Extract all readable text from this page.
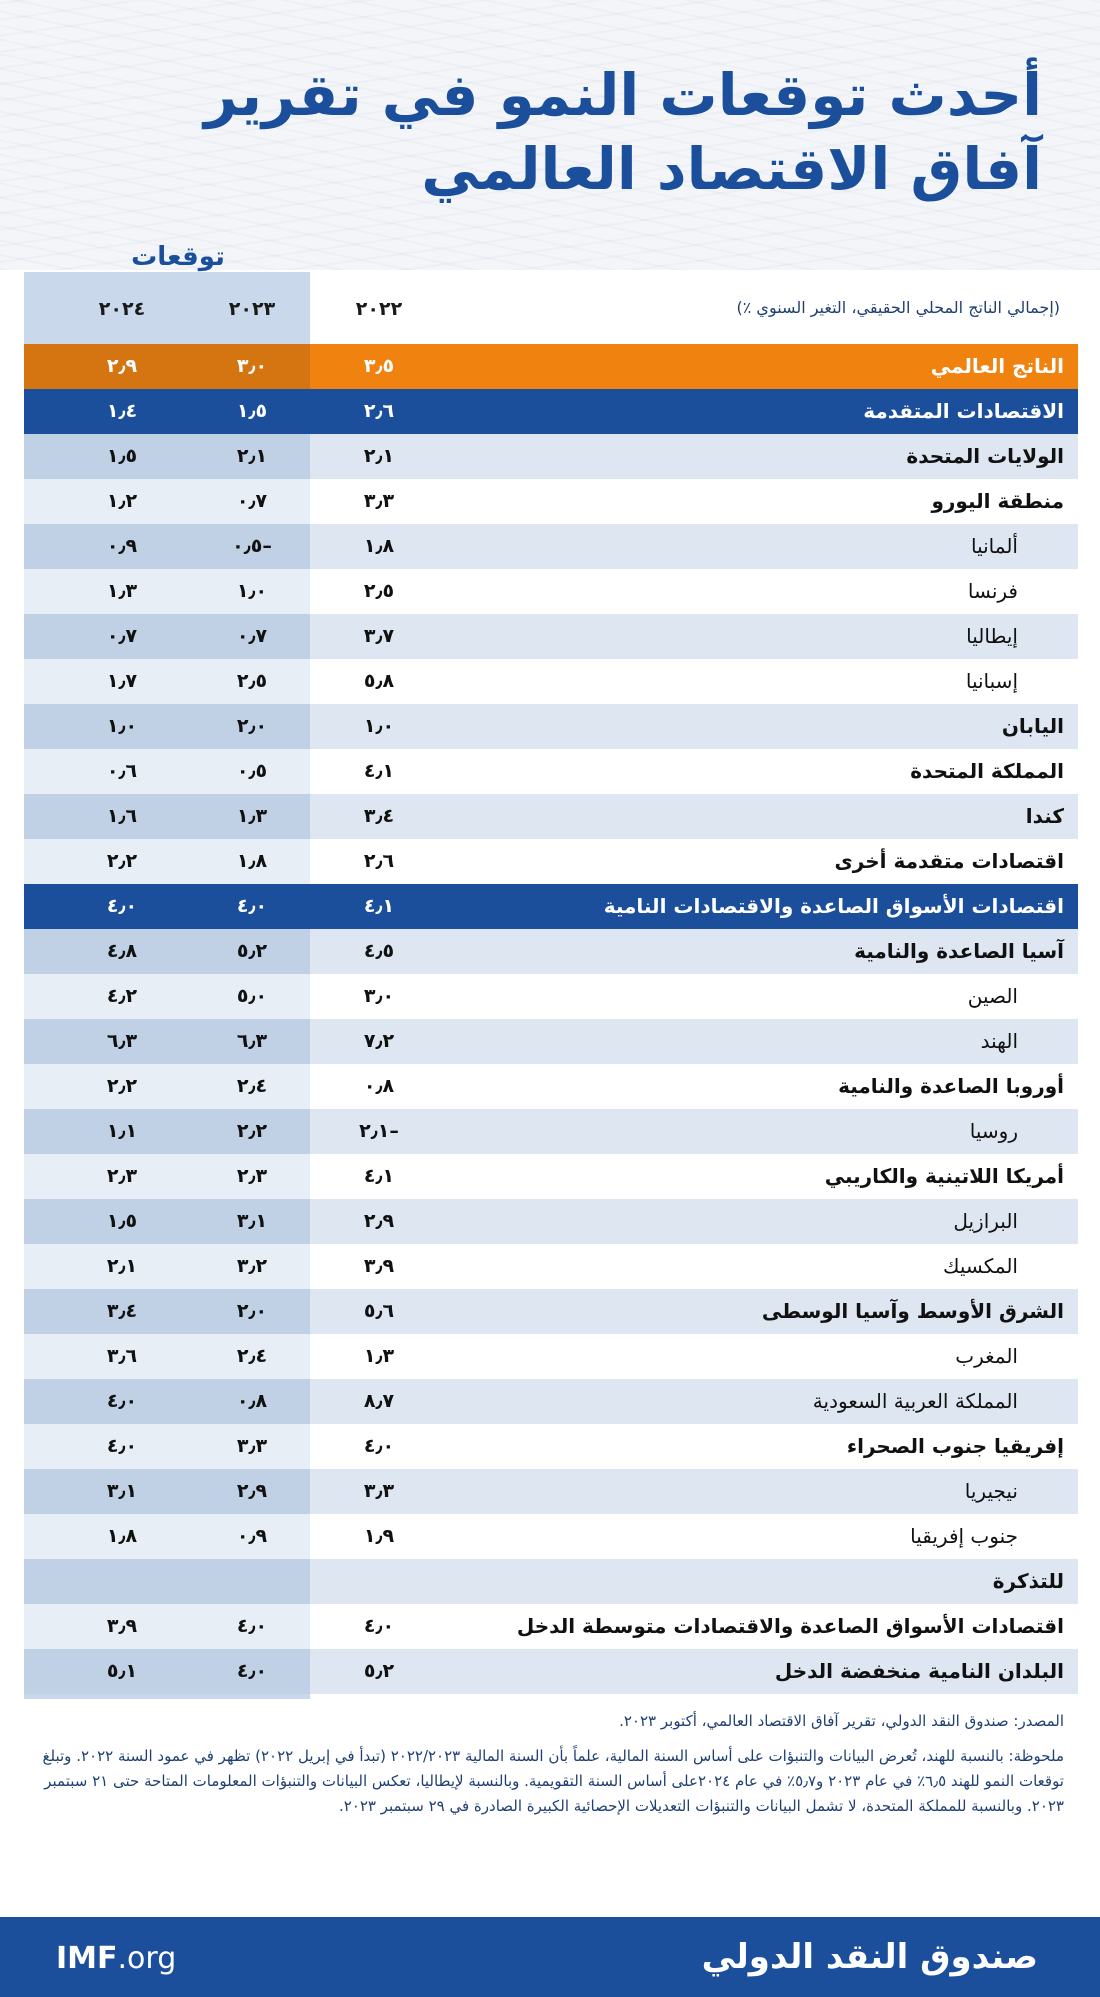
أحدث توقعات النمو في تقرير
آفاق الاقتصاد العالمي
توقعات
٢٠٢٢
٢٠٢٣
٢٠٢٤	(إجمالي الناتج المحلي الحقيقي، التغير السنوي ٪)
الناتج العالمي
٣٫٥
٣٫٠
٢٫٩
الاقتصادات المتقدمة
٢٫٦
١٫٥
١٫٤
الولايات المتحدة
٢٫١
٢٫١
١٫٥
منطقة اليورو
٣٫٣
٠٫٧
١٫٢
ألمانيا
١٫٨
–٠٫٥
٠٫٩
فرنسا
٢٫٥
١٫٠
١٫٣
إيطاليا
٣٫٧
٠٫٧
٠٫٧
إسبانيا
٥٫٨
٢٫٥
١٫٧
اليابان
١٫٠
٢٫٠
١٫٠
المملكة المتحدة
٤٫١
٠٫٥
٠٫٦
كندا
٣٫٤
١٫٣
١٫٦
اقتصادات متقدمة أخرى
٢٫٦
١٫٨
٢٫٢
اقتصادات الأسواق الصاعدة والاقتصادات النامية
٤٫١
٤٫٠
٤٫٠
آسيا الصاعدة والنامية
٤٫٥
٥٫٢
٤٫٨
الصين
٣٫٠
٥٫٠
٤٫٢
الهند
٧٫٢
٦٫٣
٦٫٣
أوروبا الصاعدة والنامية
٠٫٨
٢٫٤
٢٫٢
روسيا
–٢٫١
٢٫٢
١٫١
أمريكا اللاتينية والكاريبي
٤٫١
٢٫٣
٢٫٣
البرازيل
٢٫٩
٣٫١
١٫٥
المكسيك
٣٫٩
٣٫٢
٢٫١
الشرق الأوسط وآسيا الوسطى
٥٫٦
٢٫٠
٣٫٤
المغرب
١٫٣
٢٫٤
٣٫٦
المملكة العربية السعودية
٨٫٧
٠٫٨
٤٫٠
إفريقيا جنوب الصحراء
٤٫٠
٣٫٣
٤٫٠
نيجيريا
٣٫٣
٢٫٩
٣٫١
جنوب إفريقيا
١٫٩
٠٫٩
١٫٨
للتذكرة
اقتصادات الأسواق الصاعدة والاقتصادات متوسطة الدخل
٤٫٠
٤٫٠
٣٫٩
البلدان النامية منخفضة الدخل
٥٫٢
٤٫٠
٥٫١
المصدر: صندوق النقد الدولي، تقرير آفاق الاقتصاد العالمي، أكتوبر ٢٠٢٣.
ملحوظة: بالنسبة للهند، تُعرض البيانات والتنبؤات على أساس السنة المالية، علماً بأن السنة المالية ٢٠٢٢/٢٠٢٣ (تبدأ في إبريل ٢٠٢٢) تظهر في عمود السنة ٢٠٢٢. وتبلغ توقعات النمو للهند ٦٫٥٪ في عام ٢٠٢٣ و٥٫٧٪ في عام ٢٠٢٤على أساس السنة التقويمية. وبالنسبة لإيطاليا، تعكس البيانات والتنبؤات المعلومات المتاحة حتى ٢١ سبتمبر ٢٠٢٣. وبالنسبة للمملكة المتحدة، لا تشمل البيانات والتنبؤات التعديلات الإحصائية الكبيرة الصادرة في ٢٩ سبتمبر ٢٠٢٣.
صندوق النقد الدولي
IMF.org
